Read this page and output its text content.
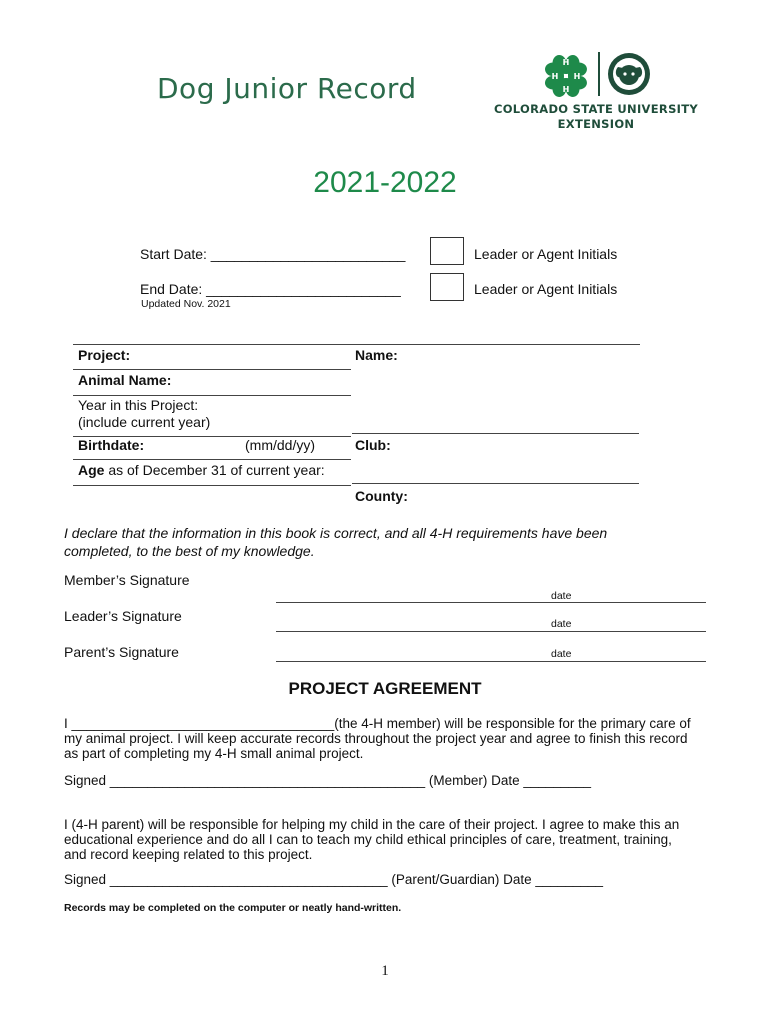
Dog Junior Record
H
H
H
H
COLORADO STATE UNIVERSITY
EXTENSION
2021-2022
Start Date: _________________________	Leader or Agent Initials
End Date: _________________________	Leader or Agent Initials
Updated Nov. 2021
Project:	Name:
Animal Name:
Year in this Project:
(include current year)
Birthdate:	(mm/dd/yy)	Club:
Age as of December 31 of current year:
County:
I declare that the information in this book is correct, and all 4-H requirements have been
completed, to the best of my knowledge.
Member’s Signature
date
Leader’s Signature	date
Parent’s Signature	date
PROJECT AGREEMENT
I ___________________________________(the 4-H member) will be responsible for the primary care of
my animal project. I will keep accurate records throughout the project year and agree to finish this record
as part of completing my 4-H small animal project.
Signed __________________________________________ (Member) Date _________
I (4-H parent) will be responsible for helping my child in the care of their project. I agree to make this an
educational experience and do all I can to teach my child ethical principles of care, treatment, training,
and record keeping related to this project.
Signed _____________________________________ (Parent/Guardian) Date _________
Records may be completed on the computer or neatly hand-written.
1
